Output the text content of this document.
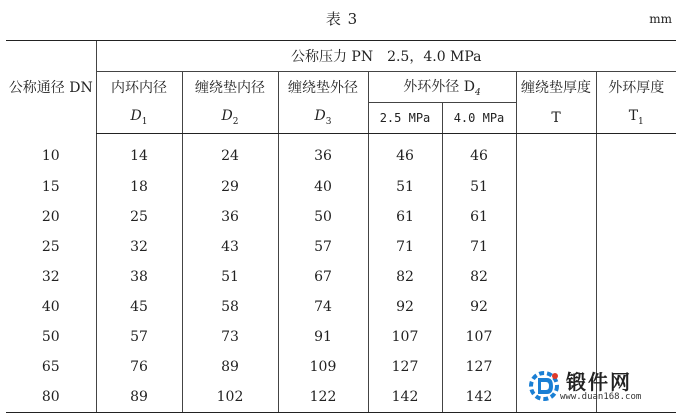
表 3	mm
公称通径 DN	公称压力 PN　2.5，4.0 MPa						
	内环内径	缠绕垫内径	缠绕垫外径	外环外径 $D_4$		缠绕垫厚度	外环厚度
	$D_1$	$D_2$	$D_3$	2.5 MPa	4.0 MPa	T	$T_1$
10	14	24	36	46	46		
15	18	29	40	51	51		
20	25	36	50	61	61		
25	32	43	57	71	71		
32	38	51	67	82	82		
40	45	58	74	92	92		
50	57	73	91	107	107		
65	76	89	109	127	127		
80	89	102	122	142	142		
锻件网
www.duan168.com
